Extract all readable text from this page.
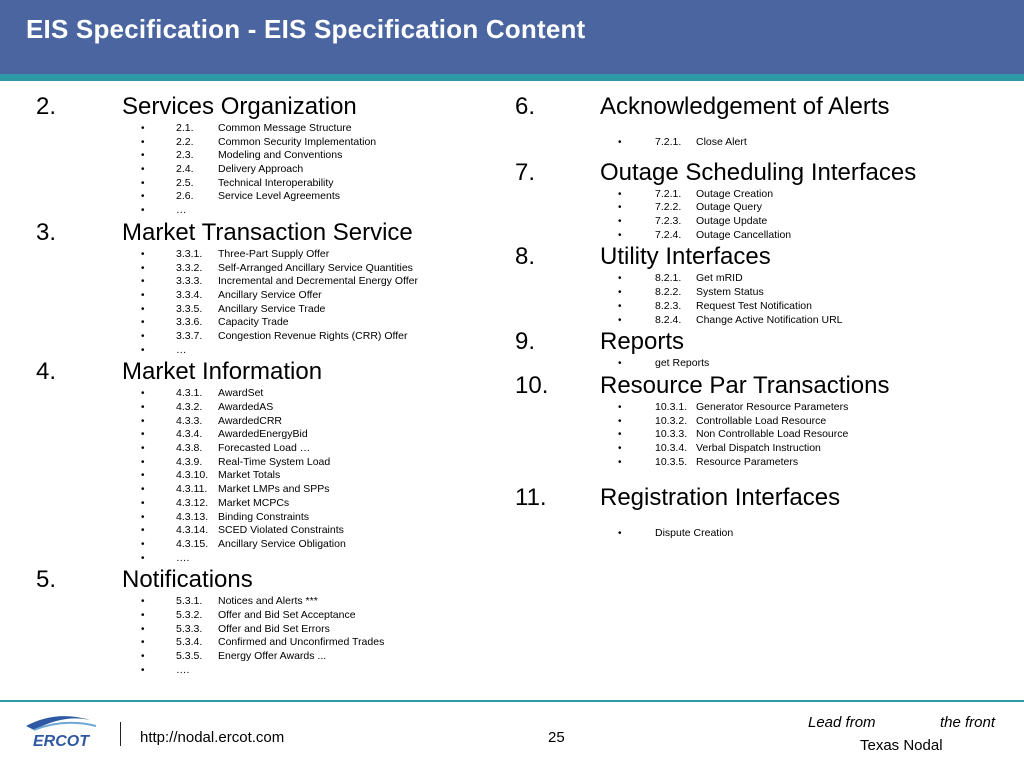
EIS Specification - EIS Specification Content
2.	Services Organization
•	2.1. Common Message Structure
•	2.2. Common Security Implementation
•	2.3. Modeling and Conventions
•	2.4. Delivery Approach
•	2.5. Technical Interoperability
•	2.6. Service Level Agreements
•	…
3.	Market Transaction Service
•	3.3.1. Three-Part Supply Offer
•	3.3.2. Self-Arranged Ancillary Service Quantities
•	3.3.3. Incremental and Decremental Energy Offer
•	3.3.4. Ancillary Service Offer
•	3.3.5. Ancillary Service Trade
•	3.3.6. Capacity Trade
•	3.3.7. Congestion Revenue Rights (CRR) Offer
•	…
4.	Market Information
•	4.3.1. AwardSet
•	4.3.2. AwardedAS
•	4.3.3. AwardedCRR
•	4.3.4. AwardedEnergyBid
•	4.3.8. Forecasted Load …
•	4.3.9. Real-Time System Load
•	4.3.10. Market Totals
•	4.3.11. Market LMPs and SPPs
•	4.3.12. Market MCPCs
•	4.3.13. Binding Constraints
•	4.3.14. SCED Violated Constraints
•	4.3.15. Ancillary Service Obligation
•	….
5.	Notifications
•	5.3.1. Notices and Alerts ***
•	5.3.2. Offer and Bid Set Acceptance
•	5.3.3. Offer and Bid Set Errors
•	5.3.4. Confirmed and Unconfirmed Trades
•	5.3.5. Energy Offer Awards ...
•	….
6.	Acknowledgement of Alerts
•	7.2.1. Close Alert
7.	Outage Scheduling Interfaces
•	7.2.1. Outage Creation
•	7.2.2. Outage Query
•	7.2.3. Outage Update
•	7.2.4. Outage Cancellation
8.	Utility Interfaces
•	8.2.1. Get mRID
•	8.2.2. System Status
•	8.2.3. Request Test Notification
•	8.2.4. Change Active Notification URL
9.	Reports
•	get Reports
10. Resource Par Transactions
•	10.3.1. Generator Resource Parameters
•	10.3.2. Controllable Load Resource
•	10.3.3. Non Controllable Load Resource
•	10.3.4. Verbal Dispatch Instruction
•	10.3.5. Resource Parameters
11. Registration Interfaces
•	Dispute Creation
ERCOT	http://nodal.ercot.com	25
Lead from	the front
Texas Nodal
